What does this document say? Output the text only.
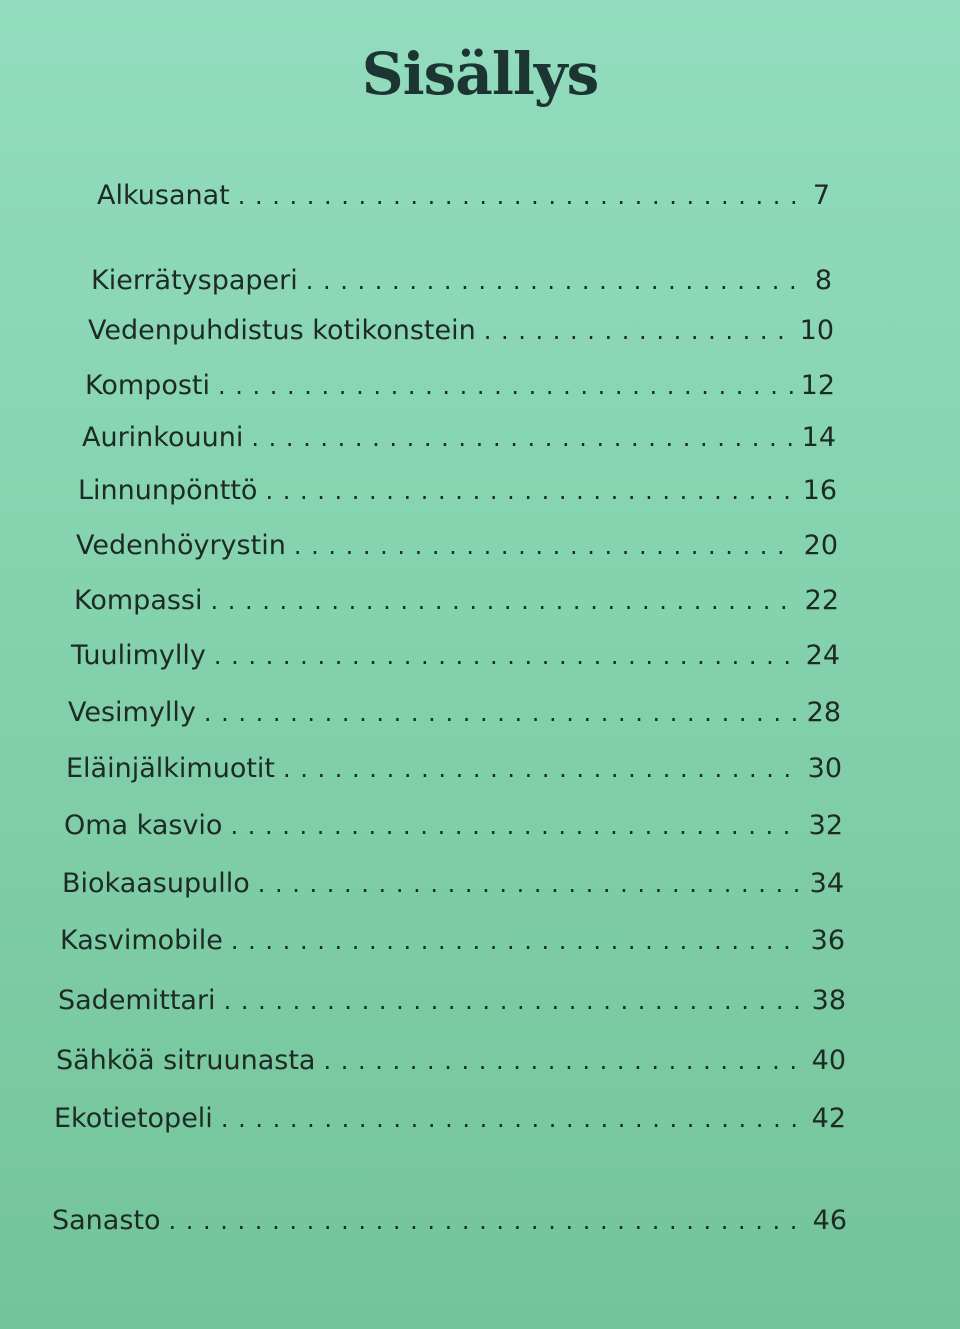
Sisällys
Alkusanat . . .	7
Kierrätyspaperi . . .	8
Vedenpuhdistus kotikonstein . . .	10
Komposti . . .	12
Aurinkouuni . . .	14
Linnunpönttö . . .	16
Vedenhöyrystin . . .	20
Kompassi . . .	22
Tuulimylly . . .	24
Vesimylly . . .	28
Eläinjälkimuotit . . .	30
Oma kasvio . . .	32
Biokaasupullo . . .	34
Kasvimobile . . .	36
Sademittari . . .	38
Sähköä sitruunasta . . .	40
Ekotietopeli . . .	42
Sanasto . . .	46
